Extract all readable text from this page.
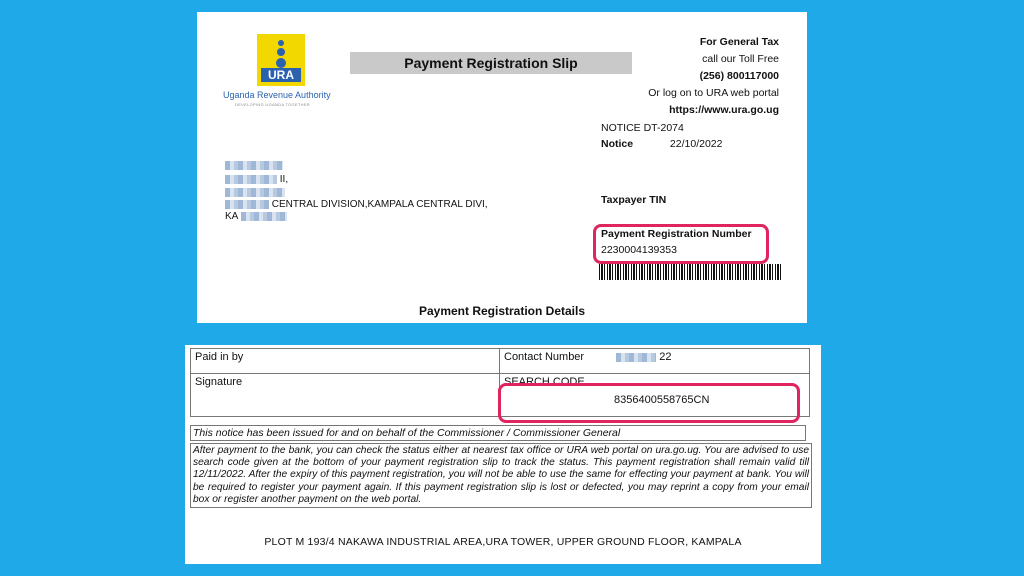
URA
Uganda Revenue Authority
DEVELOPING UGANDA TOGETHER
Payment Registration Slip
For General Tax
call our Toll Free
(256) 800117000
Or log on to URA web portal
https://www.ura.go.ug
NOTICE DT-2074
Notice	22/10/2022
II,
CENTRAL DIVISION,KAMPALA CENTRAL DIVI,
KA
Taxpayer TIN
Payment Registration Number
2230004139353
Payment Registration Details
Paid in by	Contact Number 22
Signature	SEARCH CODE
8356400558765CN
This notice has been issued for and on behalf of the Commissioner / Commissioner General
After payment to the bank, you can check the status either at nearest tax office or URA web portal on ura.go.ug. You are advised to use search code given at the bottom of your payment registration slip to track the status. This payment registration shall remain valid till 12/11/2022. After the expiry of this payment registration, you will not be able to use the same for effecting your payment at bank. You will be required to register your payment again. If this payment registration slip is lost or defected, you may reprint a copy from your email box or register another payment on the web portal.
PLOT M 193/4 NAKAWA INDUSTRIAL AREA,URA TOWER, UPPER GROUND FLOOR, KAMPALA
